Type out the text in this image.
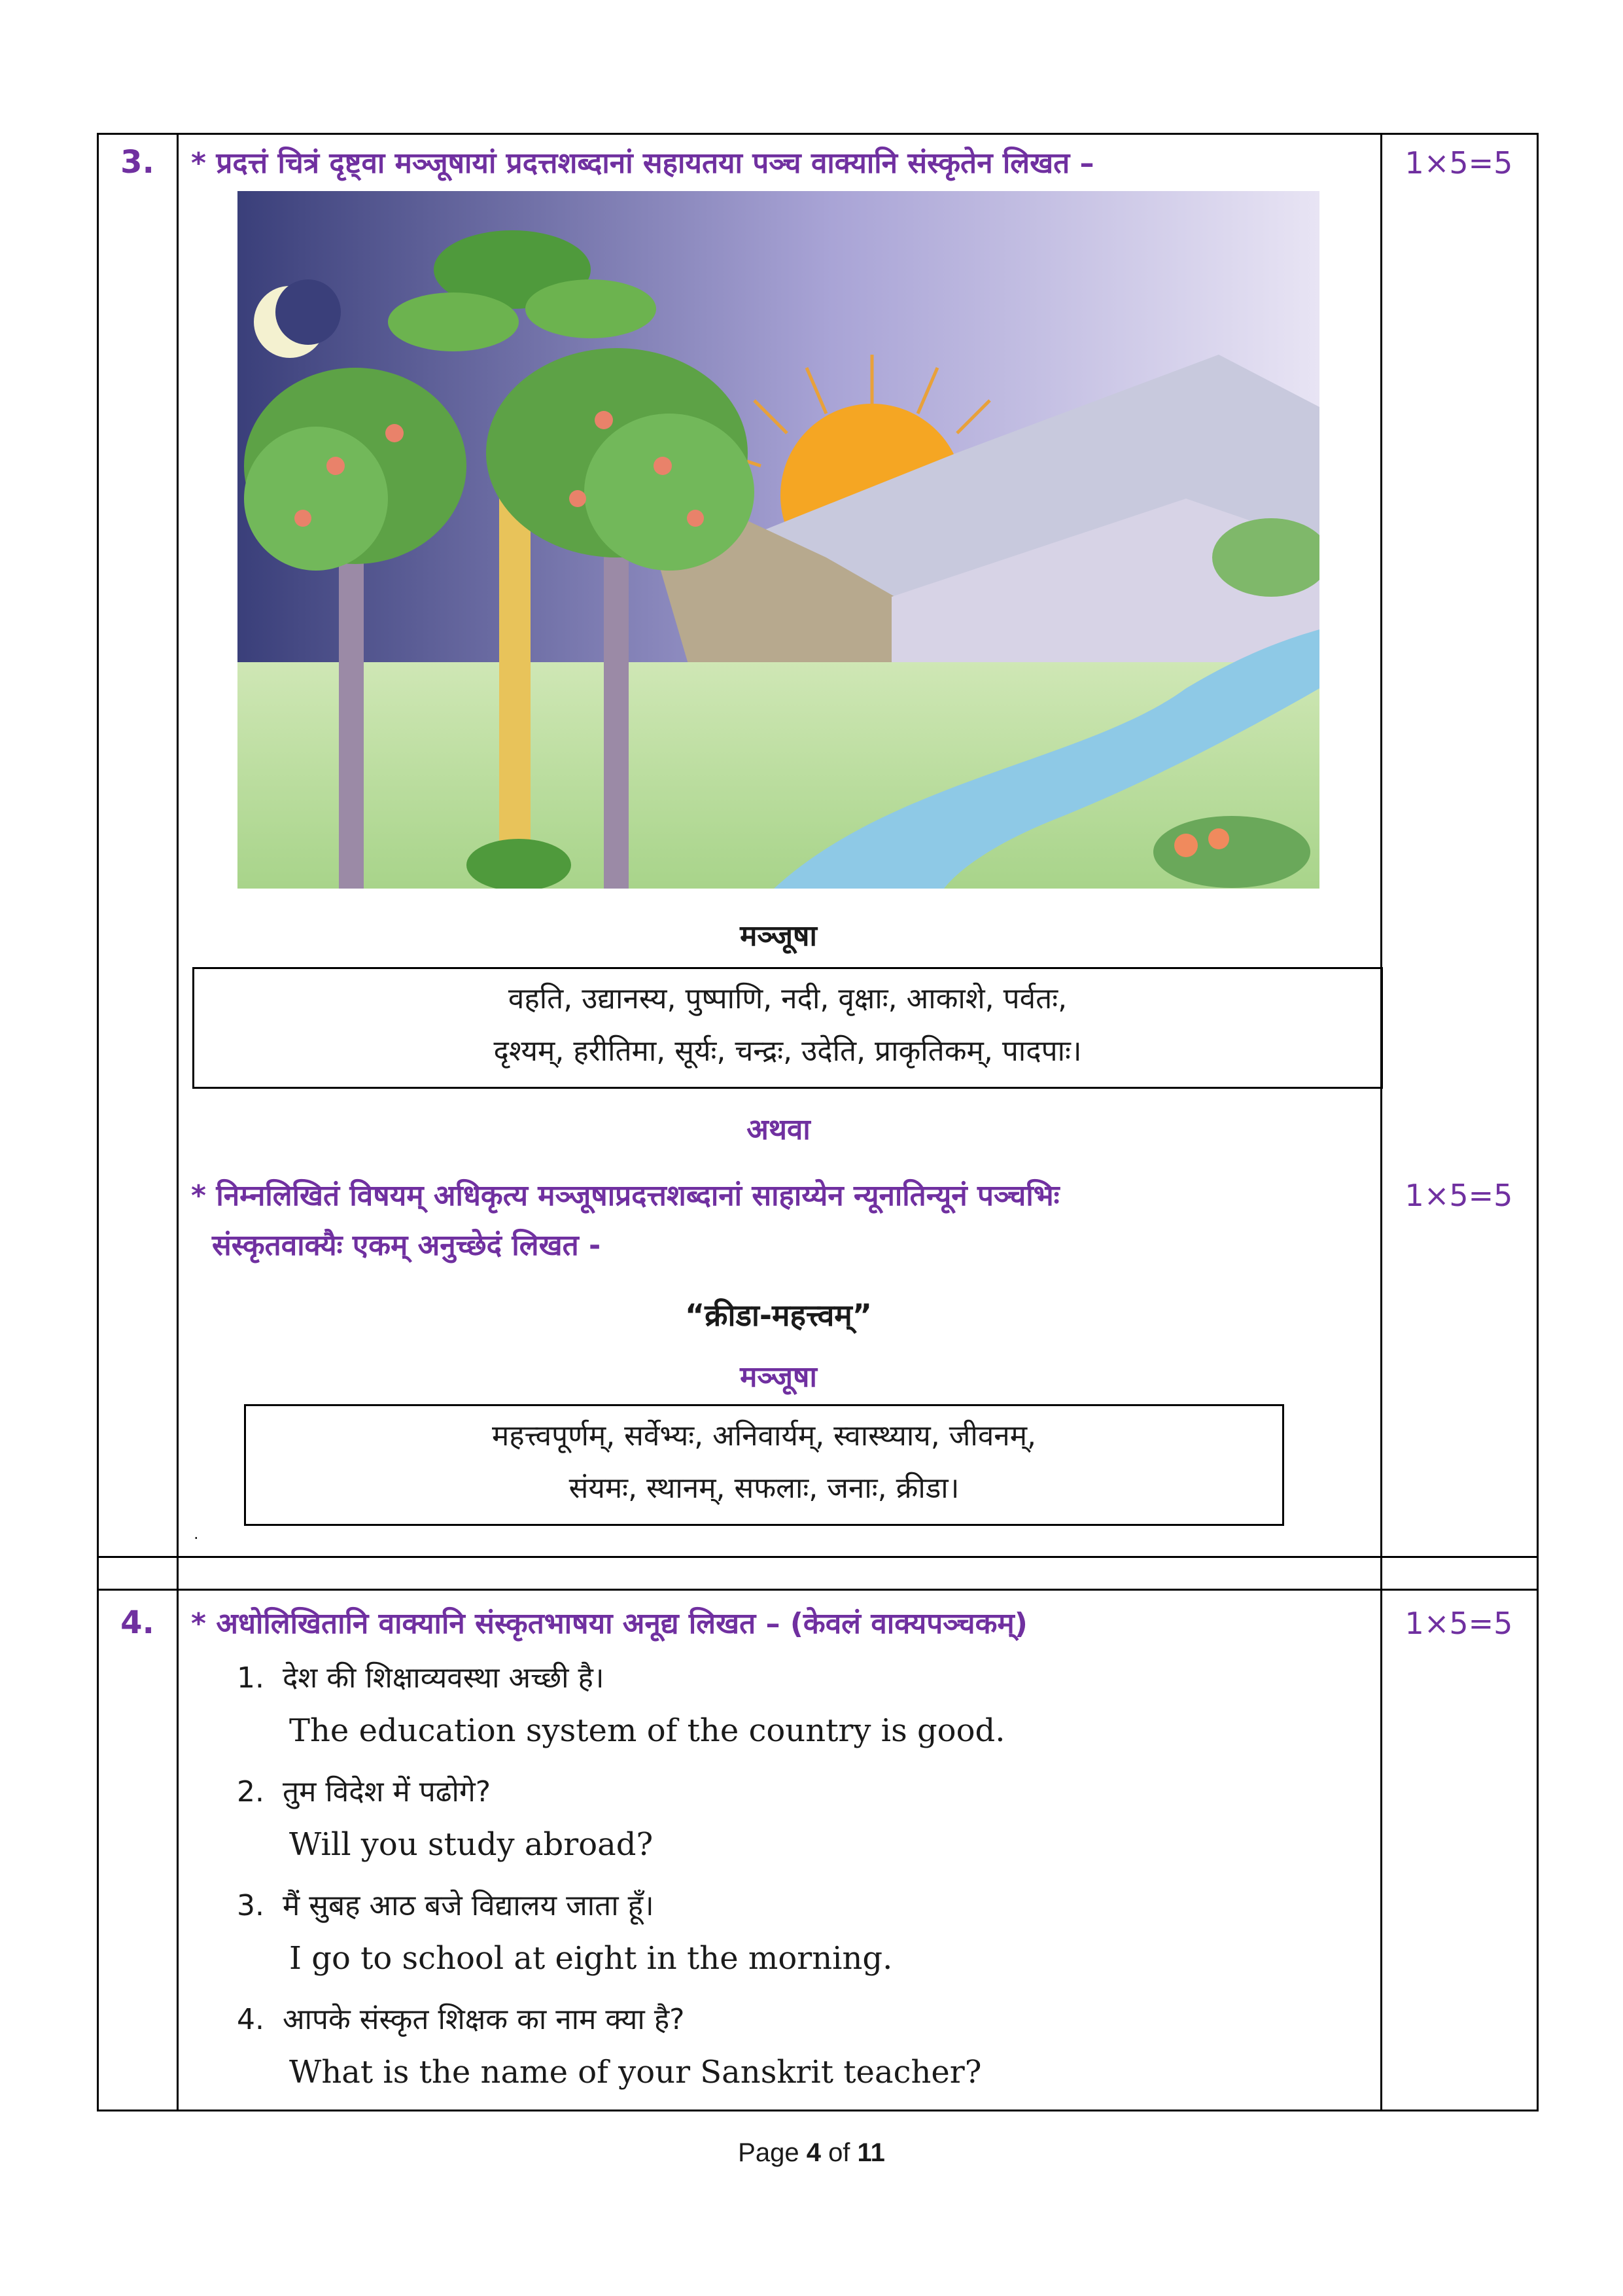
3.	1×5=5
* प्रदत्तं चित्रं दृष्ट्वा मञ्जूषायां प्रदत्तशब्दानां सहायतया पञ्च वाक्यानि संस्कृतेन लिखत –
मञ्जूषा
वहति, उद्यानस्य, पुष्पाणि, नदी, वृक्षाः, आकाशे, पर्वतः,
दृश्यम्, हरीतिमा, सूर्यः, चन्द्रः, उदेति, प्राकृतिकम्, पादपाः।
अथवा
* निम्नलिखितं विषयम् अधिकृत्य मञ्जूषाप्रदत्तशब्दानां साहाय्येन न्यूनातिन्यूनं पञ्चभिः
संस्कृतवाक्यैः एकम् अनुच्छेदं लिखत -
1×5=5
“क्रीडा-महत्त्वम्”
मञ्जूषा
महत्त्वपूर्णम्, सर्वेभ्यः, अनिवार्यम्, स्वास्थ्याय, जीवनम्,
संयमः, स्थानम्, सफलाः, जनाः, क्रीडा।
.
4.	1×5=5
* अधोलिखितानि वाक्यानि संस्कृतभाषया अनूद्य लिखत – (केवलं वाक्यपञ्चकम्)
1. देश की शिक्षाव्यवस्था अच्छी है।
The education system of the country is good.
2. तुम विदेश में पढोगे?
Will you study abroad?
3. मैं सुबह आठ बजे विद्यालय जाता हूँ।
I go to school at eight in the morning.
4. आपके संस्कृत शिक्षक का नाम क्या है?
What is the name of your Sanskrit teacher?
Page 4 of 11
